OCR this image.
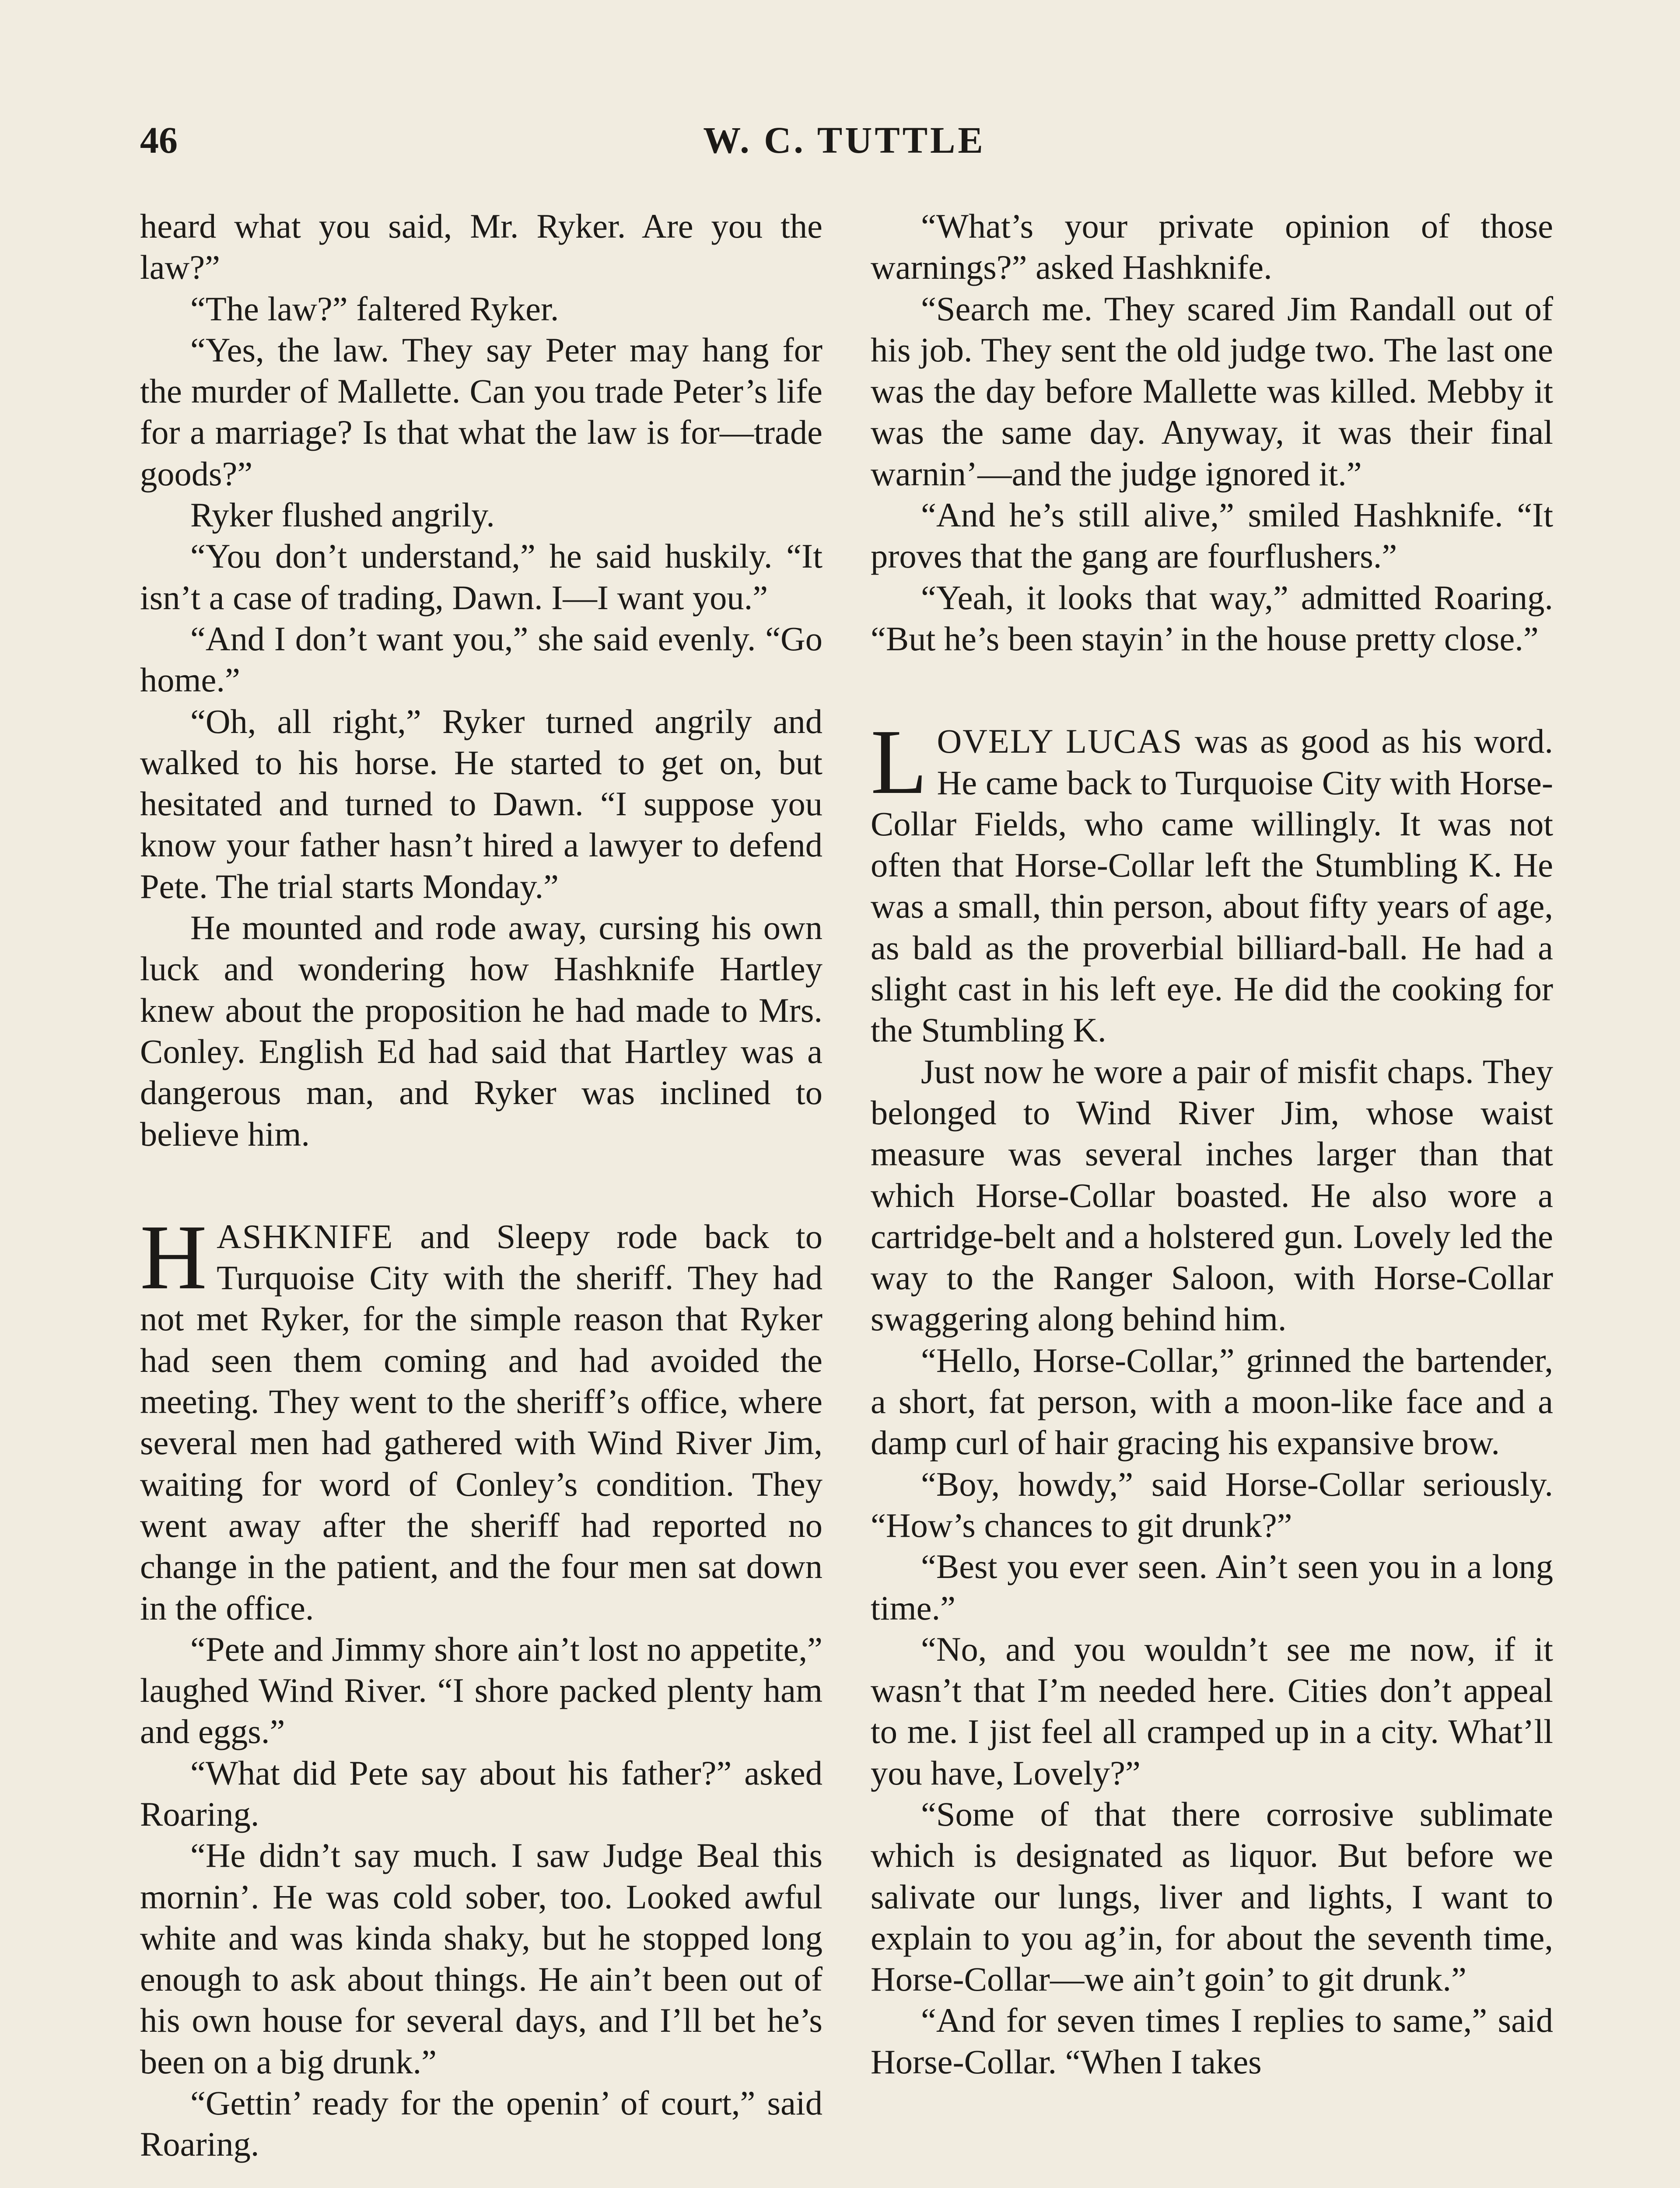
46	W. C. TUTTLE

heard what you said, Mr. Ryker. Are you the law?”

“The law?” faltered Ryker.

“Yes, the law. They say Peter may hang for the murder of Mallette. Can you trade Peter’s life for a marriage? Is that what the law is for—trade goods?”

Ryker flushed angrily.

“You don’t understand,” he said huskily. “It isn’t a case of trading, Dawn. I—I want you.”

“And I don’t want you,” she said evenly. “Go home.”

“Oh, all right,” Ryker turned angrily and walked to his horse. He started to get on, but hesitated and turned to Dawn. “I suppose you know your father hasn’t hired a lawyer to defend Pete. The trial starts Monday.”

He mounted and rode away, cursing his own luck and wondering how Hashknife Hartley knew about the proposition he had made to Mrs. Conley. English Ed had said that Hartley was a dangerous man, and Ryker was inclined to believe him.

HASHKNIFE and Sleepy rode back to Turquoise City with the sheriff. They had not met Ryker, for the simple reason that Ryker had seen them coming and had avoided the meeting. They went to the sheriff’s office, where several men had gathered with Wind River Jim, waiting for word of Conley’s condition. They went away after the sheriff had reported no change in the patient, and the four men sat down in the office.

“Pete and Jimmy shore ain’t lost no appetite,” laughed Wind River. “I shore packed plenty ham and eggs.”

“What did Pete say about his father?” asked Roaring.

“He didn’t say much. I saw Judge Beal this mornin’. He was cold sober, too. Looked awful white and was kinda shaky, but he stopped long enough to ask about things. He ain’t been out of his own house for several days, and I’ll bet he’s been on a big drunk.”

“Gettin’ ready for the openin’ of court,” said Roaring.

“What’s your private opinion of those warnings?” asked Hashknife.

“Search me. They scared Jim Randall out of his job. They sent the old judge two. The last one was the day before Mallette was killed. Mebby it was the same day. Anyway, it was their final warnin’—and the judge ignored it.”

“And he’s still alive,” smiled Hashknife. “It proves that the gang are fourflushers.”

“Yeah, it looks that way,” admitted Roaring. “But he’s been stayin’ in the house pretty close.”

LOVELY LUCAS was as good as his word. He came back to Turquoise City with Horse-Collar Fields, who came willingly. It was not often that Horse-Collar left the Stumbling K. He was a small, thin person, about fifty years of age, as bald as the proverbial billiard-ball. He had a slight cast in his left eye. He did the cooking for the Stumbling K.

Just now he wore a pair of misfit chaps. They belonged to Wind River Jim, whose waist measure was several inches larger than that which Horse-Collar boasted. He also wore a cartridge-belt and a holstered gun. Lovely led the way to the Ranger Saloon, with Horse-Collar swaggering along behind him.

“Hello, Horse-Collar,” grinned the bartender, a short, fat person, with a moon-like face and a damp curl of hair gracing his expansive brow.

“Boy, howdy,” said Horse-Collar seriously. “How’s chances to git drunk?”

“Best you ever seen. Ain’t seen you in a long time.”

“No, and you wouldn’t see me now, if it wasn’t that I’m needed here. Cities don’t appeal to me. I jist feel all cramped up in a city. What’ll you have, Lovely?”

“Some of that there corrosive sublimate which is designated as liquor. But before we salivate our lungs, liver and lights, I want to explain to you ag’in, for about the seventh time, Horse-Collar—we ain’t goin’ to git drunk.”

“And for seven times I replies to same,” said Horse-Collar. “When I takes
